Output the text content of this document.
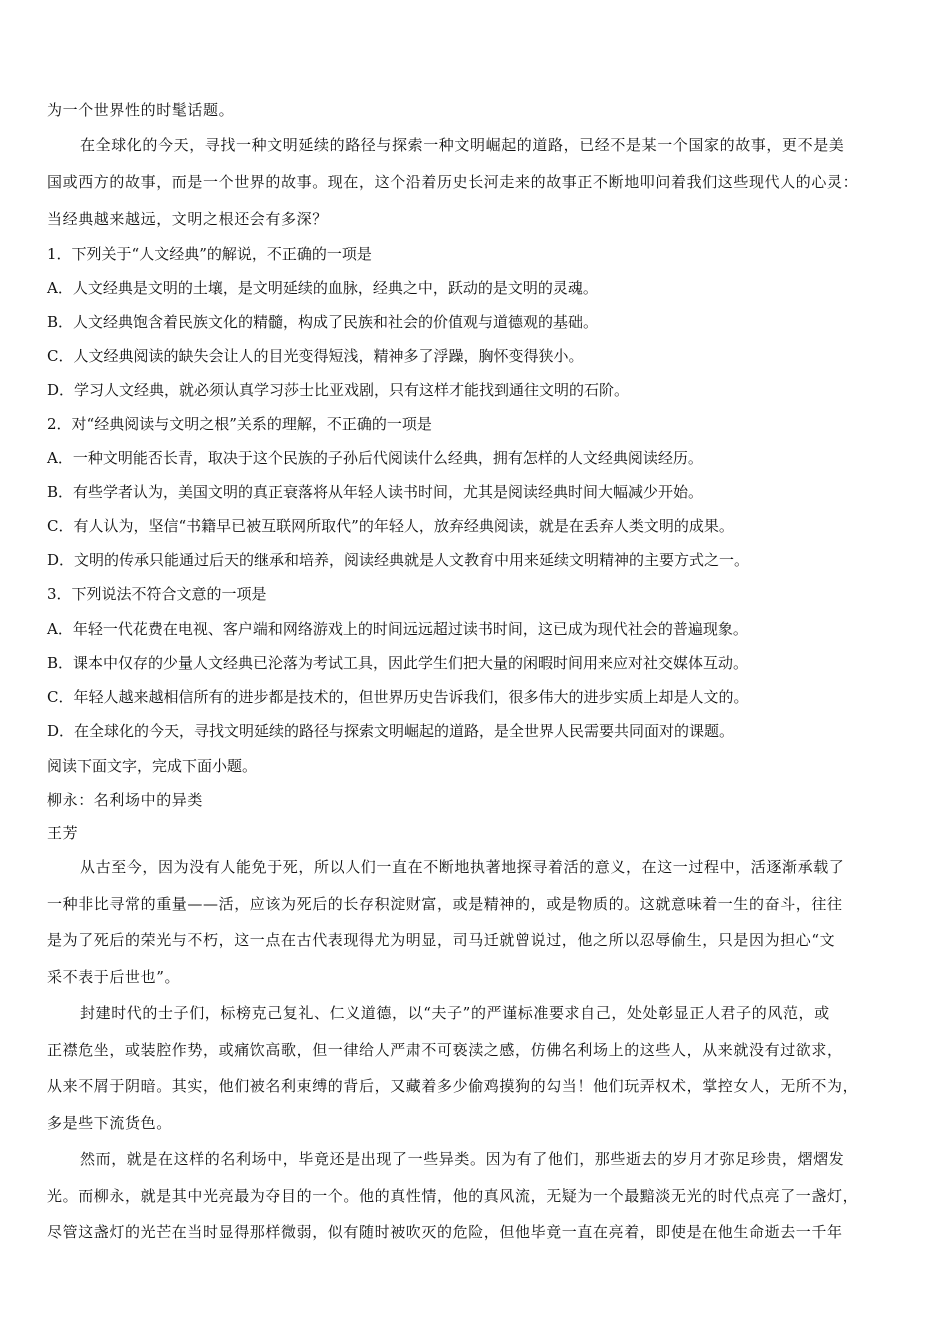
为一个世界性的时髦话题。
在全球化的今天，寻找一种文明延续的路径与探索一种文明崛起的道路，已经不是某一个国家的故事，更不是美
国或西方的故事，而是一个世界的故事。现在，这个沿着历史长河走来的故事正不断地叩问着我们这些现代人的心灵：
当经典越来越远，文明之根还会有多深？
1．下列关于“人文经典”的解说，不正确的一项是
A．人文经典是文明的土壤，是文明延续的血脉，经典之中，跃动的是文明的灵魂。
B．人文经典饱含着民族文化的精髓，构成了民族和社会的价值观与道德观的基础。
C．人文经典阅读的缺失会让人的目光变得短浅，精神多了浮躁，胸怀变得狭小。
D．学习人文经典，就必须认真学习莎士比亚戏剧，只有这样才能找到通往文明的石阶。
2．对“经典阅读与文明之根”关系的理解，不正确的一项是
A．一种文明能否长青，取决于这个民族的子孙后代阅读什么经典，拥有怎样的人文经典阅读经历。
B．有些学者认为，美国文明的真正衰落将从年轻人读书时间，尤其是阅读经典时间大幅减少开始。
C．有人认为，坚信“书籍早已被互联网所取代”的年轻人，放弃经典阅读，就是在丢弃人类文明的成果。
D．文明的传承只能通过后天的继承和培养，阅读经典就是人文教育中用来延续文明精神的主要方式之一。
3．下列说法不符合文意的一项是
A．年轻一代花费在电视、客户端和网络游戏上的时间远远超过读书时间，这已成为现代社会的普遍现象。
B．课本中仅存的少量人文经典已沦落为考试工具，因此学生们把大量的闲暇时间用来应对社交媒体互动。
C．年轻人越来越相信所有的进步都是技术的，但世界历史告诉我们，很多伟大的进步实质上却是人文的。
D．在全球化的今天，寻找文明延续的路径与探索文明崛起的道路，是全世界人民需要共同面对的课题。
阅读下面文字，完成下面小题。
柳永：名利场中的异类
王芳
从古至今，因为没有人能免于死，所以人们一直在不断地执著地探寻着活的意义，在这一过程中，活逐渐承载了
一种非比寻常的重量——活，应该为死后的长存积淀财富，或是精神的，或是物质的。这就意味着一生的奋斗，往往
是为了死后的荣光与不朽，这一点在古代表现得尤为明显，司马迁就曾说过，他之所以忍辱偷生，只是因为担心“文
采不表于后世也”。
封建时代的士子们，标榜克己复礼、仁义道德，以“夫子”的严谨标准要求自己，处处彰显正人君子的风范，或
正襟危坐，或装腔作势，或痛饮高歌，但一律给人严肃不可亵渎之感，仿佛名利场上的这些人，从来就没有过欲求，
从来不屑于阴暗。其实，他们被名利束缚的背后，又藏着多少偷鸡摸狗的勾当！他们玩弄权术，掌控女人，无所不为，
多是些下流货色。
然而，就是在这样的名利场中，毕竟还是出现了一些异类。因为有了他们，那些逝去的岁月才弥足珍贵，熠熠发
光。而柳永，就是其中光亮最为夺目的一个。他的真性情，他的真风流，无疑为一个最黯淡无光的时代点亮了一盏灯，
尽管这盏灯的光芒在当时显得那样微弱，似有随时被吹灭的危险，但他毕竟一直在亮着，即使是在他生命逝去一千年
